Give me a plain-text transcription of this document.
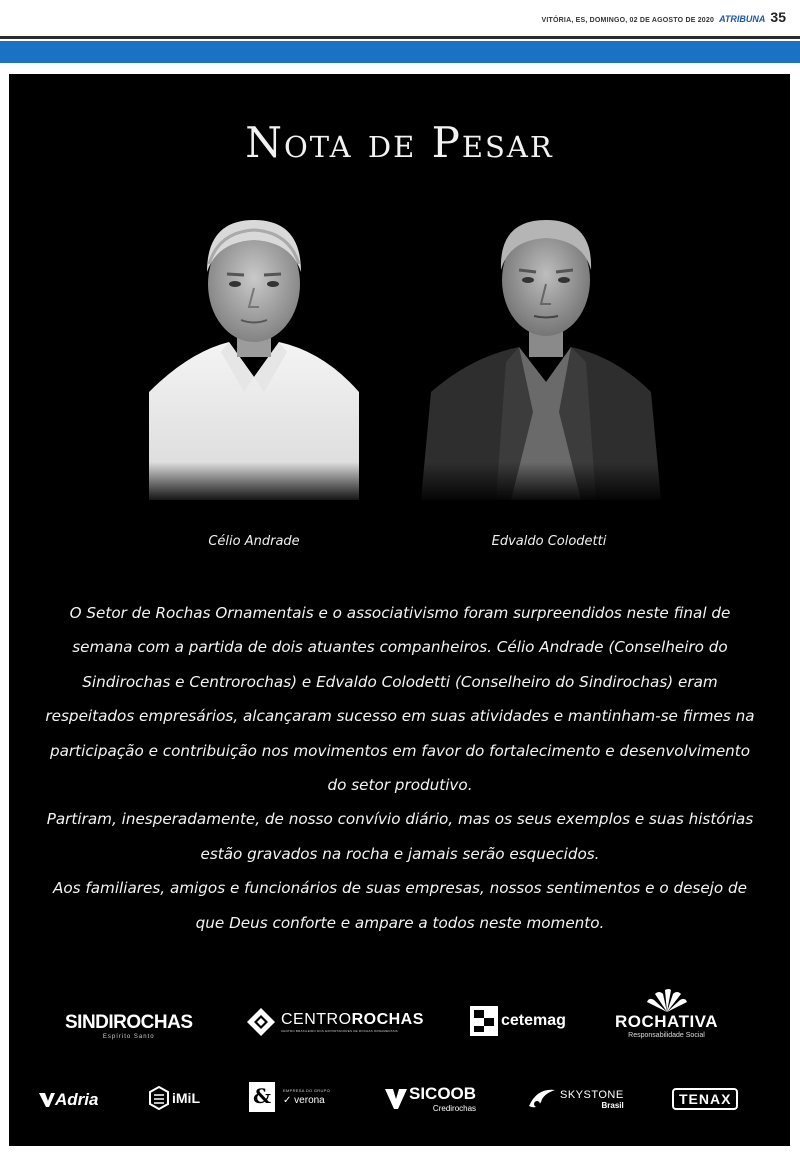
VITÓRIA, ES, DOMINGO, 02 DE AGOSTO DE 2020 ATRIBUNA 35
Nota de Pesar
Célio Andrade	Edvaldo Colodetti

O Setor de Rochas Ornamentais e o associativismo foram surpreendidos neste final de semana com a partida de dois atuantes companheiros. Célio Andrade (Conselheiro do Sindirochas e Centrorochas) e Edvaldo Colodetti (Conselheiro do Sindirochas) eram respeitados empresários, alcançaram sucesso em suas atividades e mantinham-se firmes na participação e contribuição nos movimentos em favor do fortalecimento e desenvolvimento do setor produtivo.

Partiram, inesperadamente, de nosso convívio diário, mas os seus exemplos e suas histórias estão gravados na rocha e jamais serão esquecidos.

Aos familiares, amigos e funcionários de suas empresas, nossos sentimentos e o desejo de que Deus conforte e ampare a todos neste momento.

SINDIROCHAS
Espírito Santo
CENTROROCHAS
CENTRO BRASILEIRO DOS EXPORTADORES DE ROCHAS ORNAMENTAIS
cetemag	ROCHATIVA
Responsabilidade Social
Adria	iMiL	&	EMPRESA DO GRUPO
✓ verona	SICOOB
Credirochas
SKYSTONE
Brasil	TENAX
